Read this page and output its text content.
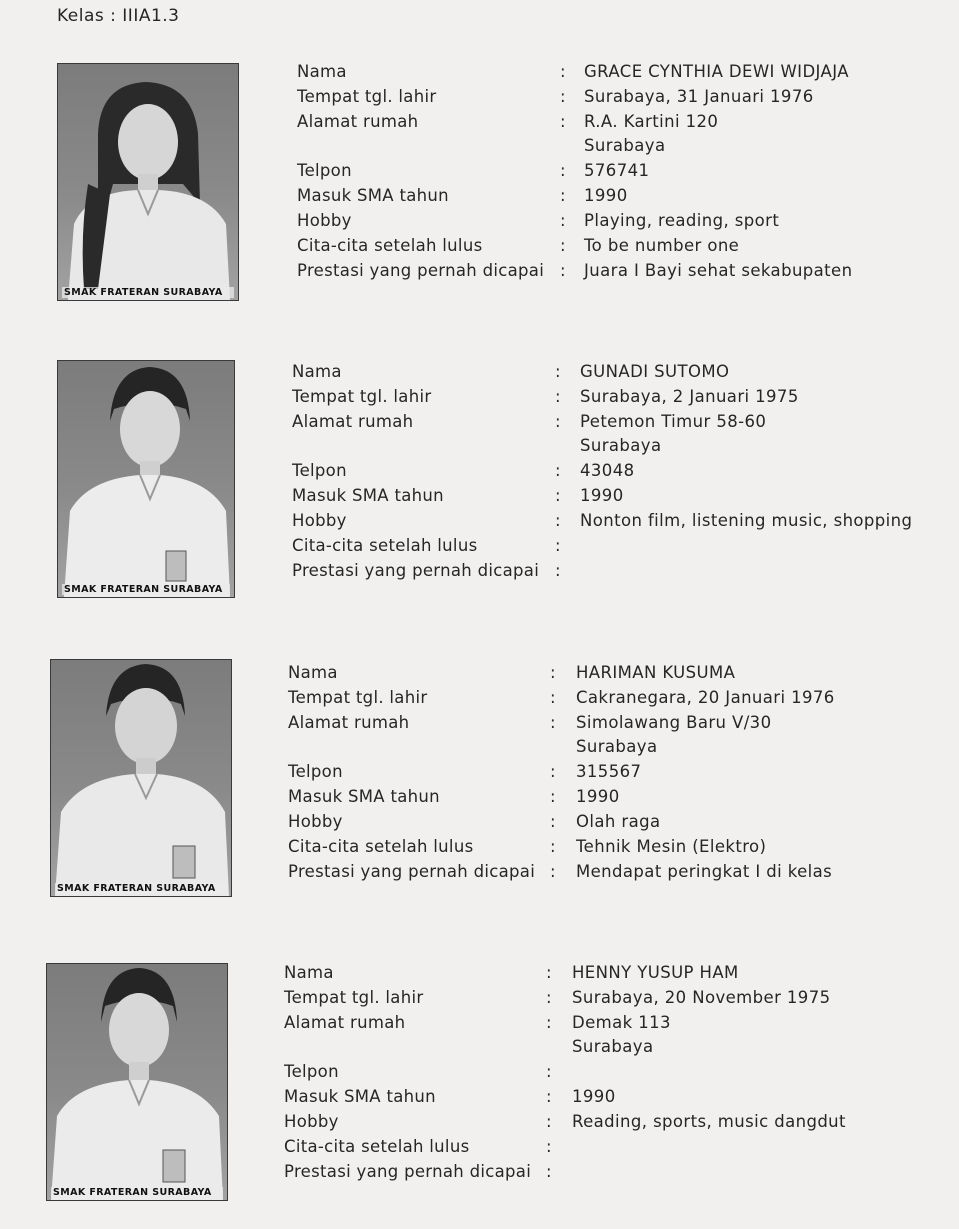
Kelas : IIIA1.3
SMAK FRATERAN SURABAYA
Nama	: GRACE CYNTHIA DEWI WIDJAJA
Tempat tgl. lahir	: Surabaya, 31 Januari 1976
Alamat rumah	: R.A. Kartini 120
Surabaya
Telpon	: 576741
Masuk SMA tahun	: 1990
Hobby	: Playing, reading, sport
Cita-cita setelah lulus	: To be number one
Prestasi yang pernah dicapai : Juara I Bayi sehat sekabupaten
SMAK FRATERAN SURABAYA
Nama	: GUNADI SUTOMO
Tempat tgl. lahir	: Surabaya, 2 Januari 1975
Alamat rumah	: Petemon Timur 58-60
Surabaya
Telpon	: 43048
Masuk SMA tahun	: 1990
Hobby	: Nonton film, listening music, shopping
Cita-cita setelah lulus	:
Prestasi yang pernah dicapai :
SMAK FRATERAN SURABAYA
Nama	: HARIMAN KUSUMA
Tempat tgl. lahir	: Cakranegara, 20 Januari 1976
Alamat rumah	: Simolawang Baru V/30
Surabaya
Telpon	: 315567
Masuk SMA tahun	: 1990
Hobby	: Olah raga
Cita-cita setelah lulus	: Tehnik Mesin (Elektro)
Prestasi yang pernah dicapai : Mendapat peringkat I di kelas
SMAK FRATERAN SURABAYA
Nama	: HENNY YUSUP HAM
Tempat tgl. lahir	: Surabaya, 20 November 1975
Alamat rumah	: Demak 113
Surabaya
Telpon	:
Masuk SMA tahun	: 1990
Hobby	: Reading, sports, music dangdut
Cita-cita setelah lulus	:
Prestasi yang pernah dicapai :
